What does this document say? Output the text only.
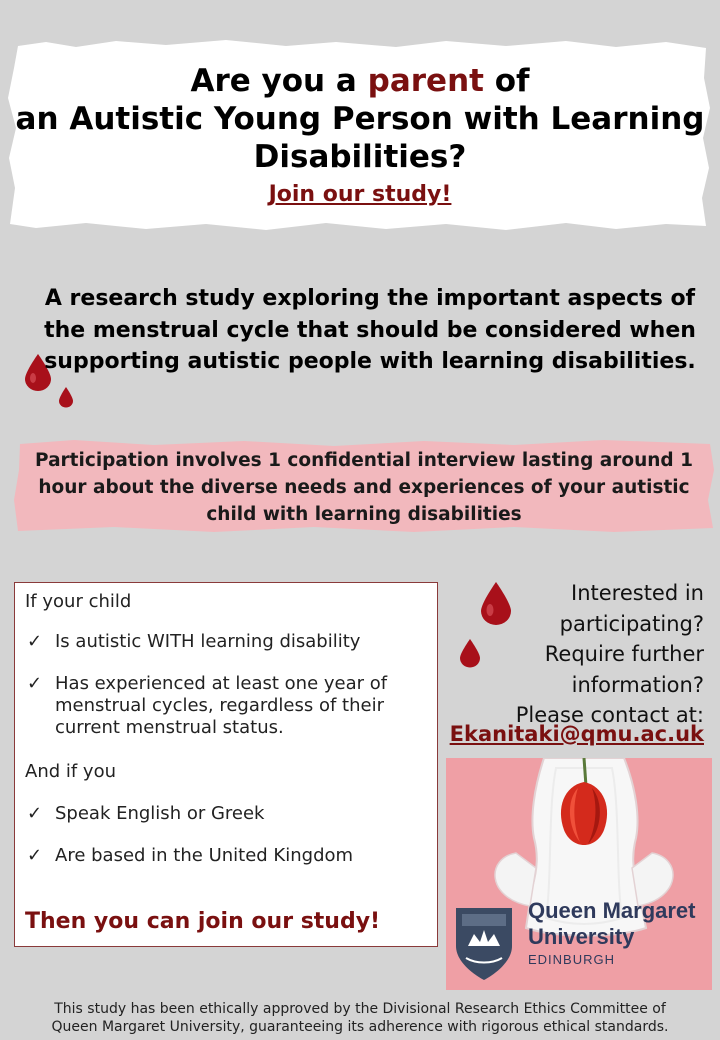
Are you a parent of
an Autistic Young Person with Learning
Disabilities?
Join our study!
A research study exploring the important aspects of the menstrual cycle that should be considered when supporting autistic people with learning disabilities.
Participation involves 1 confidential interview lasting around 1 hour about the diverse needs and experiences of your autistic child with learning disabilities
If your child
✓ Is autistic WITH learning disability
✓ Has experienced at least one year of menstrual cycles, regardless of their current menstrual status.
And if you
✓ Speak English or Greek
✓ Are based in the United Kingdom
Then you can join our study!
Interested in
participating?
Require further
information?
Please contact at:
Ekanitaki@qmu.ac.uk
Queen Margaret
University
EDINBURGH
This study has been ethically approved by the Divisional Research Ethics Committee of
Queen Margaret University, guaranteeing its adherence with rigorous ethical standards.
